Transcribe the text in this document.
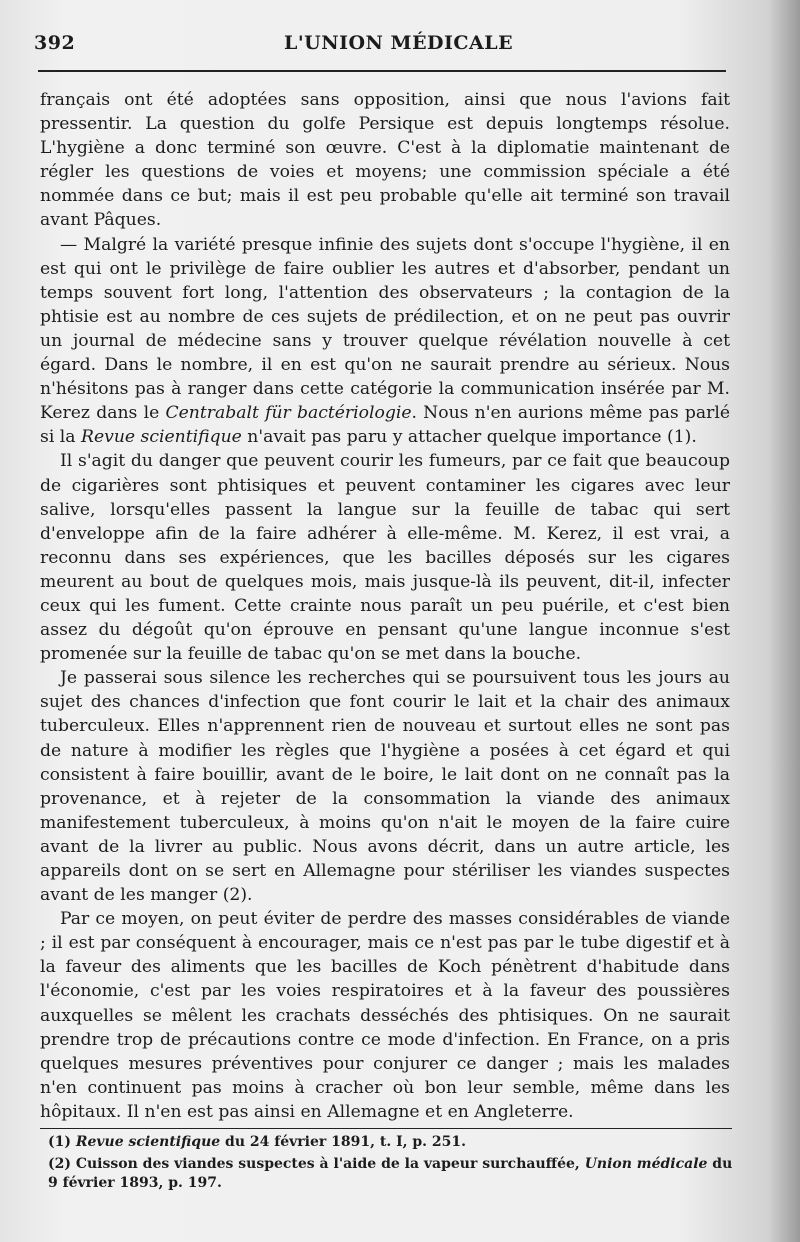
392	L'UNION MÉDICALE

français ont été adoptées sans opposition, ainsi que nous l'avions fait pressentir. La question du golfe Persique est depuis longtemps résolue. L'hygiène a donc terminé son œuvre. C'est à la diplomatie maintenant de régler les questions de voies et moyens; une commission spéciale a été nommée dans ce but; mais il est peu probable qu'elle ait terminé son travail avant Pâques.

— Malgré la variété presque infinie des sujets dont s'occupe l'hygiène, il en est qui ont le privilège de faire oublier les autres et d'absorber, pendant un temps souvent fort long, l'attention des observateurs ; la contagion de la phtisie est au nombre de ces sujets de prédilection, et on ne peut pas ouvrir un journal de médecine sans y trouver quelque révélation nouvelle à cet égard. Dans le nombre, il en est qu'on ne saurait prendre au sérieux. Nous n'hésitons pas à ranger dans cette catégorie la communication insérée par M. Kerez dans le Centrabalt für bactériologie. Nous n'en aurions même pas parlé si la Revue scientifique n'avait pas paru y attacher quelque importance (1).

Il s'agit du danger que peuvent courir les fumeurs, par ce fait que beaucoup de cigarières sont phtisiques et peuvent contaminer les cigares avec leur salive, lorsqu'elles passent la langue sur la feuille de tabac qui sert d'enveloppe afin de la faire adhérer à elle-même. M. Kerez, il est vrai, a reconnu dans ses expériences, que les bacilles déposés sur les cigares meurent au bout de quelques mois, mais jusque-là ils peuvent, dit-il, infecter ceux qui les fument. Cette crainte nous paraît un peu puérile, et c'est bien assez du dégoût qu'on éprouve en pensant qu'une langue inconnue s'est promenée sur la feuille de tabac qu'on se met dans la bouche.

Je passerai sous silence les recherches qui se poursuivent tous les jours au sujet des chances d'infection que font courir le lait et la chair des animaux tuberculeux. Elles n'apprennent rien de nouveau et surtout elles ne sont pas de nature à modifier les règles que l'hygiène a posées à cet égard et qui consistent à faire bouillir, avant de le boire, le lait dont on ne connaît pas la provenance, et à rejeter de la consommation la viande des animaux manifestement tuberculeux, à moins qu'on n'ait le moyen de la faire cuire avant de la livrer au public. Nous avons décrit, dans un autre article, les appareils dont on se sert en Allemagne pour stériliser les viandes suspectes avant de les manger (2).

Par ce moyen, on peut éviter de perdre des masses considérables de viande ; il est par conséquent à encourager, mais ce n'est pas par le tube digestif et à la faveur des aliments que les bacilles de Koch pénètrent d'habitude dans l'économie, c'est par les voies respiratoires et à la faveur des poussières auxquelles se mêlent les crachats desséchés des phtisiques. On ne saurait prendre trop de précautions contre ce mode d'infection. En France, on a pris quelques mesures préventives pour conjurer ce danger ; mais les malades n'en continuent pas moins à cracher où bon leur semble, même dans les hôpitaux. Il n'en est pas ainsi en Allemagne et en Angleterre.

(1) Revue scientifique du 24 février 1891, t. I, p. 251.

(2) Cuisson des viandes suspectes à l'aide de la vapeur surchauffée, Union médicale du 9 février 1893, p. 197.
